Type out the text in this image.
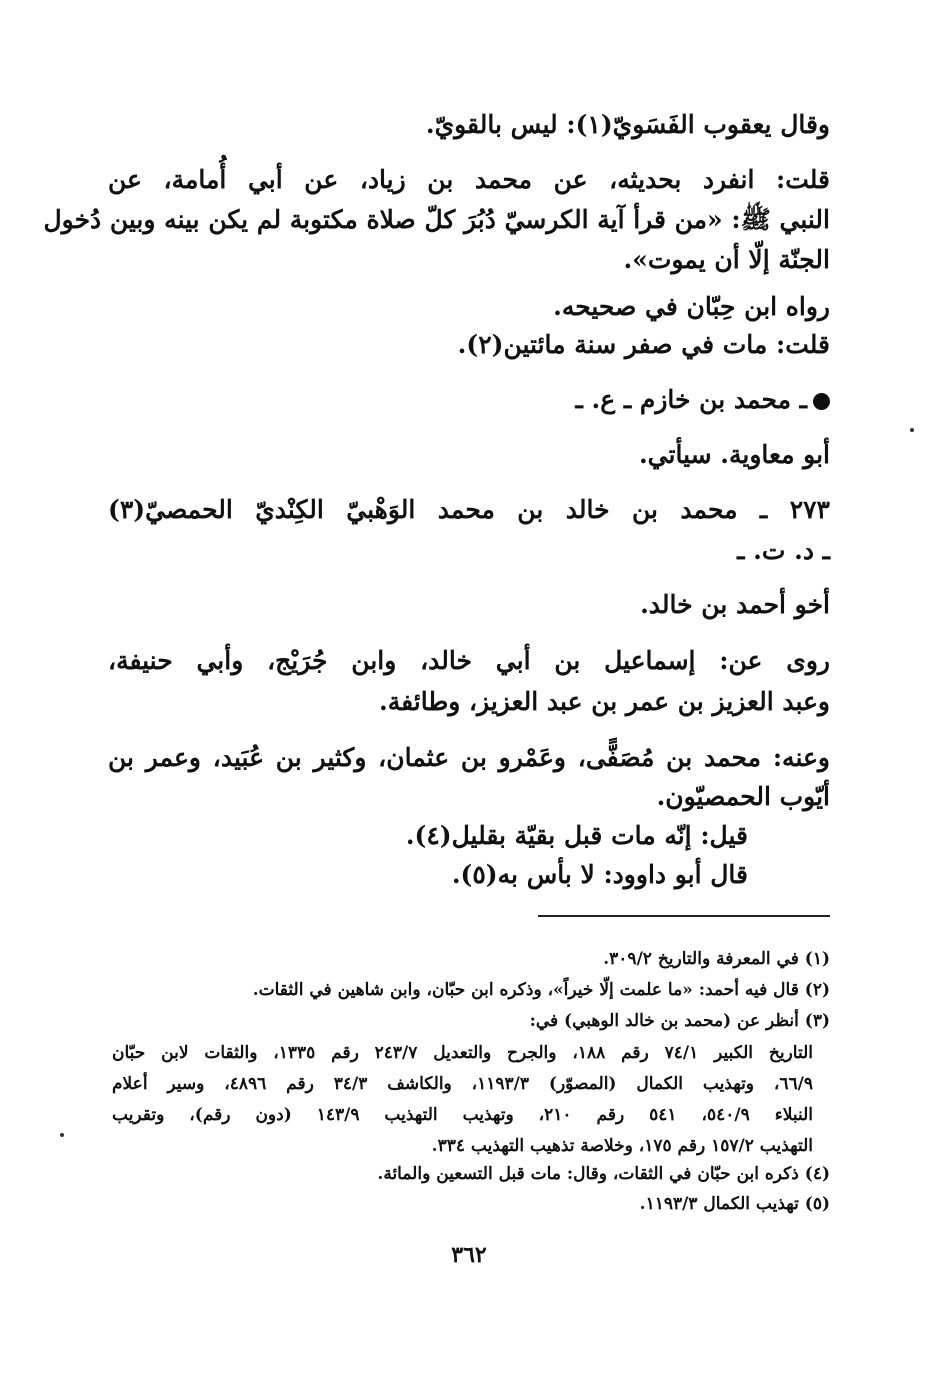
وقال يعقوب الفَسَويّ(١): ليس بالقويّ.

قلت: انفرد بحديثه، عن محمد بن زياد، عن أبي أُمامة، عن

النبي ﷺ: «من قرأ آية الكرسيّ دُبُرَ كلّ صلاة مكتوبة لم يكن بينه وبين دُخول

الجنّة إلّا أن يموت».

رواه ابن حِبّان في صحيحه.

قلت: مات في صفر سنة مائتين(٢).

ـ محمد بن خازم ـ ع. ـ

أبو معاوية. سيأتي.

٢٧٣ ـ محمد بن خالد بن محمد الوَهْبيّ الكِنْديّ الحمصيّ(٣)

ـ د. ت. ـ

أخو أحمد بن خالد.

روى عن: إسماعيل بن أبي خالد، وابن جُرَيْج، وأبي حنيفة،

وعبد العزيز بن عمر بن عبد العزيز، وطائفة.

وعنه: محمد بن مُصَفًّى، وعَمْرو بن عثمان، وكثير بن عُبَيد، وعمر بن

أيّوب الحمصيّون.

قيل: إنّه مات قبل بقيّة بقليل(٤).

قال أبو داوود: لا بأس به(٥).

(١) في المعرفة والتاريخ ٣٠٩/٢.

(٢) قال فيه أحمد: «ما علمت إلّا خيراً»، وذكره ابن حبّان، وابن شاهين في الثقات.

(٣) أنظر عن (محمد بن خالد الوهبي) في:

التاريخ الكبير ٧٤/١ رقم ١٨٨، والجرح والتعديل ٢٤٣/٧ رقم ١٣٣٥، والثقات لابن حبّان

٦٦/٩، وتهذيب الكمال (المصوّر) ١١٩٣/٣، والكاشف ٣٤/٣ رقم ٤٨٩٦، وسير أعلام

النبلاء ٥٤٠/٩، ٥٤١ رقم ٢١٠، وتهذيب التهذيب ١٤٣/٩ (دون رقم)، وتقريب

التهذيب ١٥٧/٢ رقم ١٧٥، وخلاصة تذهيب التهذيب ٣٣٤.

(٤) ذكره ابن حبّان في الثقات، وقال: مات قبل التسعين والمائة.

(٥) تهذيب الكمال ١١٩٣/٣.

٣٦٢
